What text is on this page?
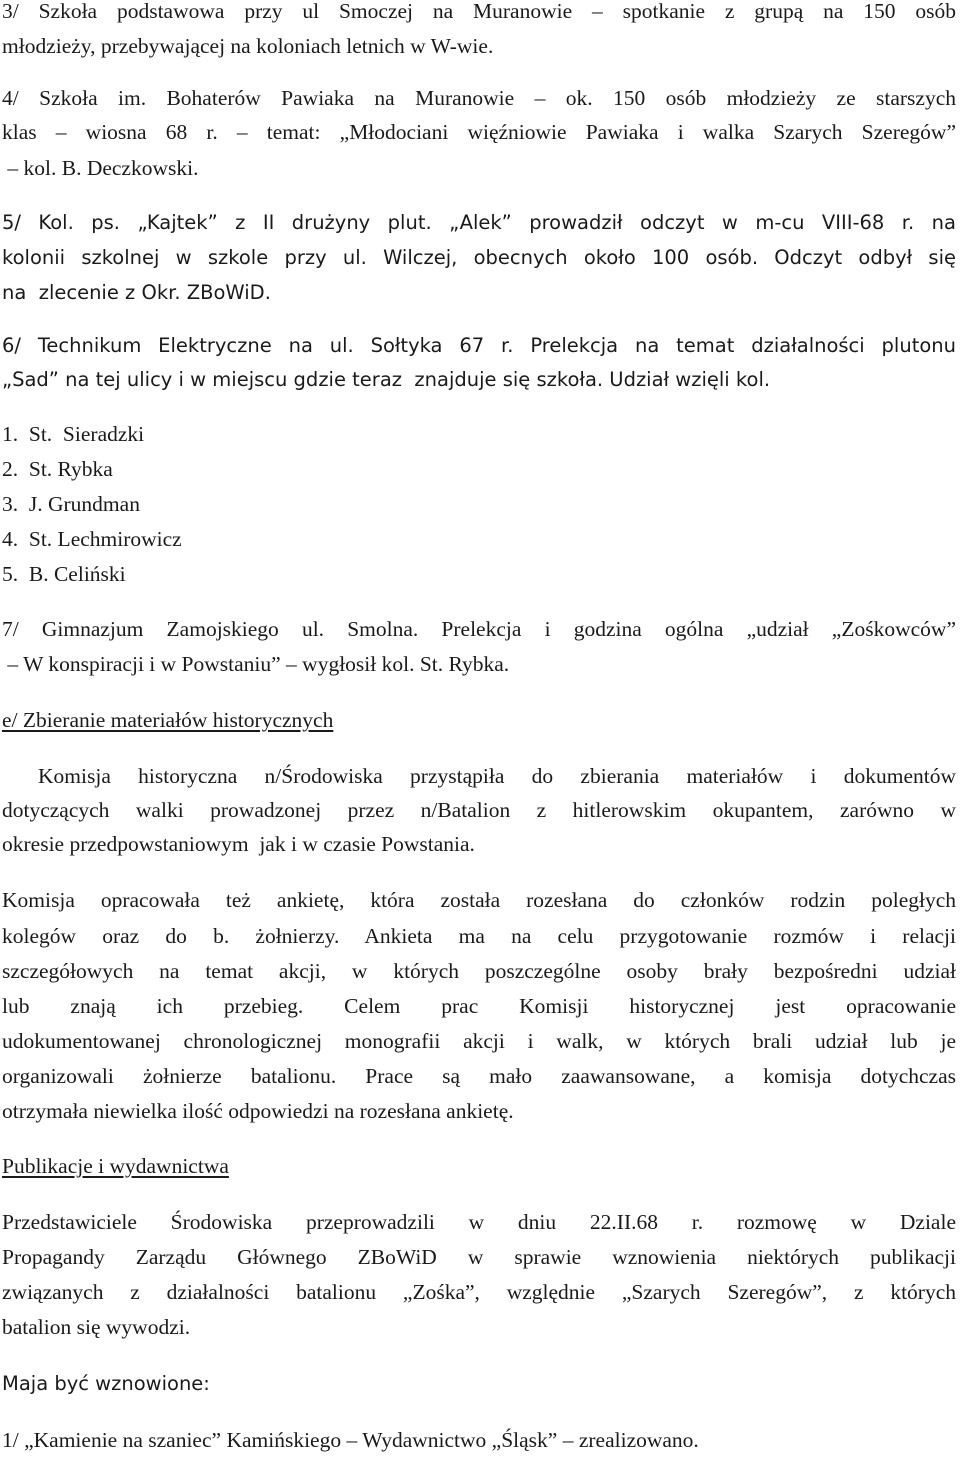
3/ Szkoła podstawowa przy ul Smoczej na Muranowie – spotkanie z grupą na 150 osób
młodzieży, przebywającej na koloniach letnich w W-wie.
4/ Szkoła im. Bohaterów Pawiaka na Muranowie – ok. 150 osób młodzieży ze starszych
klas – wiosna 68 r. – temat: „Młodociani więźniowie Pawiaka i walka Szarych Szeregów”
– kol. B. Deczkowski.
5/ Kol. ps. „Kajtek” z II drużyny plut. „Alek” prowadził odczyt w m-cu VIII-68 r. na
kolonii szkolnej w szkole przy ul. Wilczej, obecnych około 100 osób. Odczyt odbył się
na  zlecenie z Okr. ZBoWiD.
6/ Technikum Elektryczne na ul. Sołtyka 67 r. Prelekcja na temat działalności plutonu
„Sad” na tej ulicy i w miejscu gdzie teraz  znajduje się szkoła. Udział wzięli kol.
1.  St.  Sieradzki
2.  St. Rybka
3.  J. Grundman
4.  St. Lechmirowicz
5.  B. Celiński
7/ Gimnazjum Zamojskiego ul. Smolna. Prelekcja i godzina ogólna „udział „Zośkowców”
– W konspiracji i w Powstaniu” – wygłosił kol. St. Rybka.
e/ Zbieranie materiałów historycznych
Komisja historyczna n/Środowiska przystąpiła do zbierania materiałów i dokumentów
dotyczących walki prowadzonej przez n/Batalion z hitlerowskim okupantem, zarówno w
okresie przedpowstaniowym  jak i w czasie Powstania.
Komisja opracowała też ankietę, która została rozesłana do członków rodzin poległych
kolegów oraz do b. żołnierzy. Ankieta ma na celu przygotowanie rozmów i relacji
szczegółowych na temat akcji, w których poszczególne osoby brały bezpośredni udział
lub znają ich przebieg. Celem prac Komisji historycznej jest opracowanie
udokumentowanej chronologicznej monografii akcji i walk, w których brali udział lub je
organizowali żołnierze batalionu. Prace są mało zaawansowane, a komisja dotychczas
otrzymała niewielka ilość odpowiedzi na rozesłana ankietę.
Publikacje i wydawnictwa
Przedstawiciele Środowiska przeprowadzili w dniu 22.II.68 r. rozmowę w Dziale
Propagandy Zarządu Głównego ZBoWiD w sprawie wznowienia niektórych publikacji
związanych z działalności batalionu „Zośka”, względnie „Szarych Szeregów”, z których
batalion się wywodzi.
Maja być wznowione:
1/ „Kamienie na szaniec” Kamińskiego – Wydawnictwo „Śląsk” – zrealizowano.
